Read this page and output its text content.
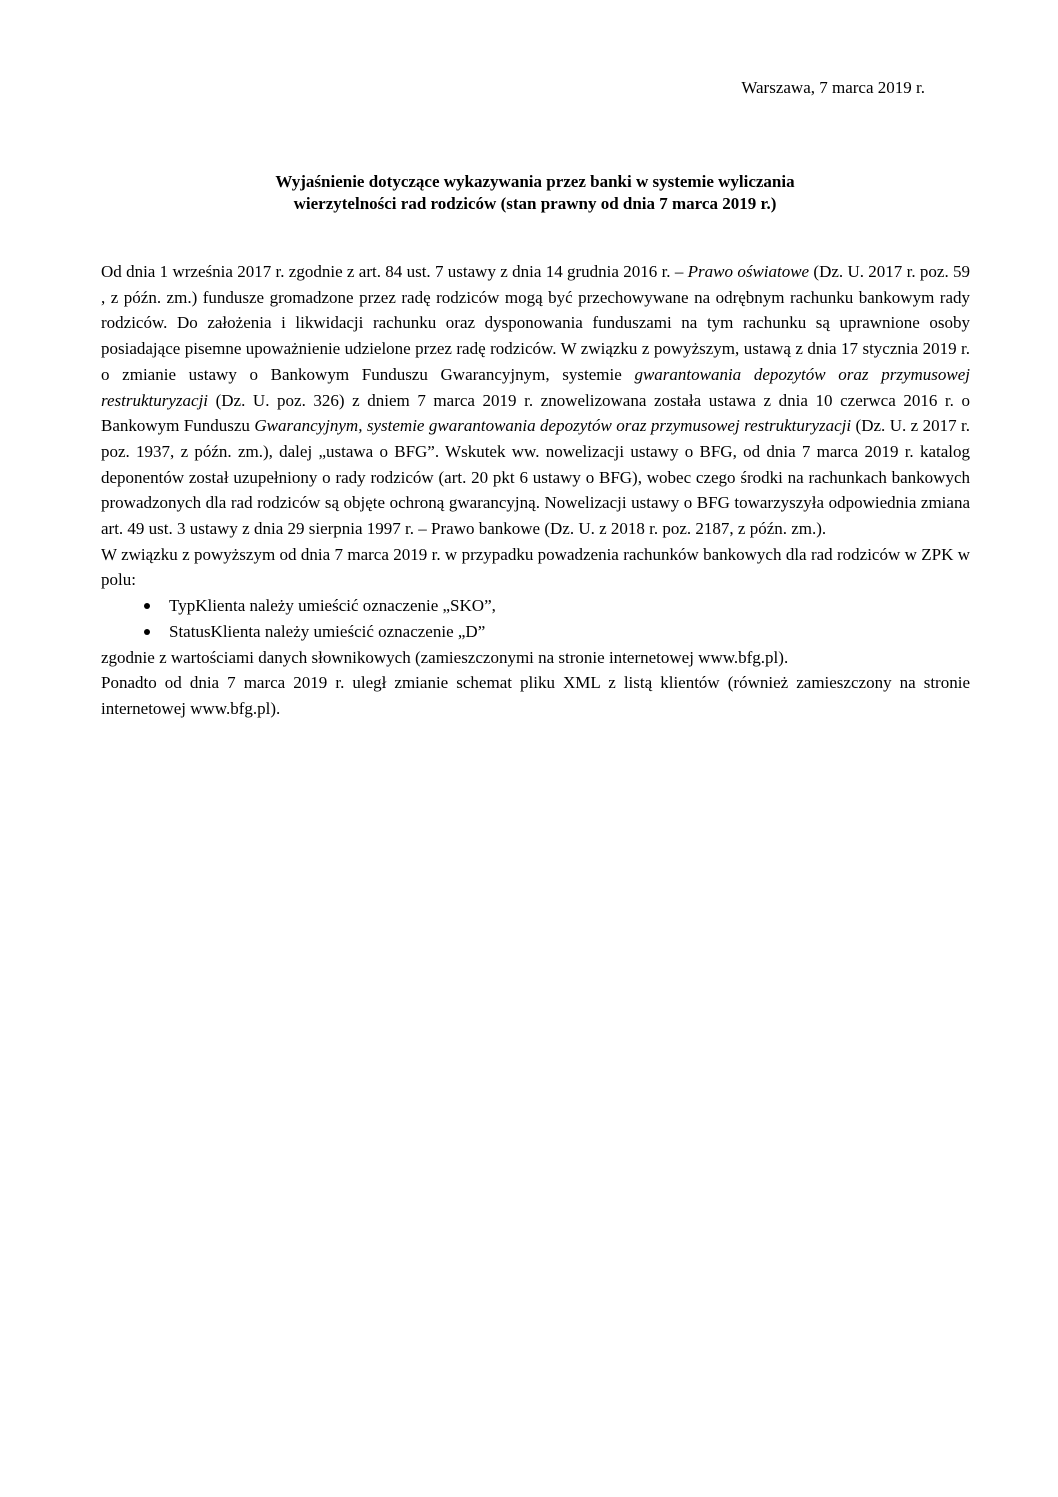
Warszawa, 7 marca 2019 r.
Wyjaśnienie dotyczące wykazywania przez banki w systemie wyliczania
wierzytelności rad rodziców (stan prawny od dnia 7 marca 2019 r.)

Od dnia 1 września 2017 r. zgodnie z art. 84 ust. 7 ustawy z dnia 14 grudnia 2016 r. – Prawo oświatowe (Dz. U. 2017 r. poz. 59 , z późn. zm.) fundusze gromadzone przez radę rodziców mogą być przechowywane na odrębnym rachunku bankowym rady rodziców. Do założenia i likwidacji rachunku oraz dysponowania funduszami na tym rachunku są uprawnione osoby posiadające pisemne upoważnienie udzielone przez radę rodziców. W związku z powyższym, ustawą z dnia 17 stycznia 2019 r. o zmianie ustawy o Bankowym Funduszu Gwarancyjnym, systemie gwarantowania depozytów oraz przymusowej restrukturyzacji (Dz. U. poz. 326) z dniem 7 marca 2019 r. znowelizowana została ustawa z dnia 10 czerwca 2016 r. o Bankowym Funduszu Gwarancyjnym, systemie gwarantowania depozytów oraz przymusowej restrukturyzacji (Dz. U. z 2017 r. poz. 1937, z późn. zm.), dalej „ustawa o BFG”. Wskutek ww. nowelizacji ustawy o BFG, od dnia 7 marca 2019 r. katalog deponentów został uzupełniony o rady rodziców (art. 20 pkt 6 ustawy o BFG), wobec czego środki na rachunkach bankowych prowadzonych dla rad rodziców są objęte ochroną gwarancyjną. Nowelizacji ustawy o BFG towarzyszyła odpowiednia zmiana art. 49 ust. 3 ustawy z dnia 29 sierpnia 1997 r. – Prawo bankowe (Dz. U. z 2018 r. poz. 2187, z późn. zm.).

W związku z powyższym od dnia 7 marca 2019 r. w przypadku powadzenia rachunków bankowych dla rad rodziców w ZPK w polu:

TypKlienta należy umieścić oznaczenie „SKO”,
StatusKlienta należy umieścić oznaczenie „D”

zgodnie z wartościami danych słownikowych (zamieszczonymi na stronie internetowej www.bfg.pl).

Ponadto od dnia 7 marca 2019 r. uległ zmianie schemat pliku XML z listą klientów (również zamieszczony na stronie internetowej www.bfg.pl).
